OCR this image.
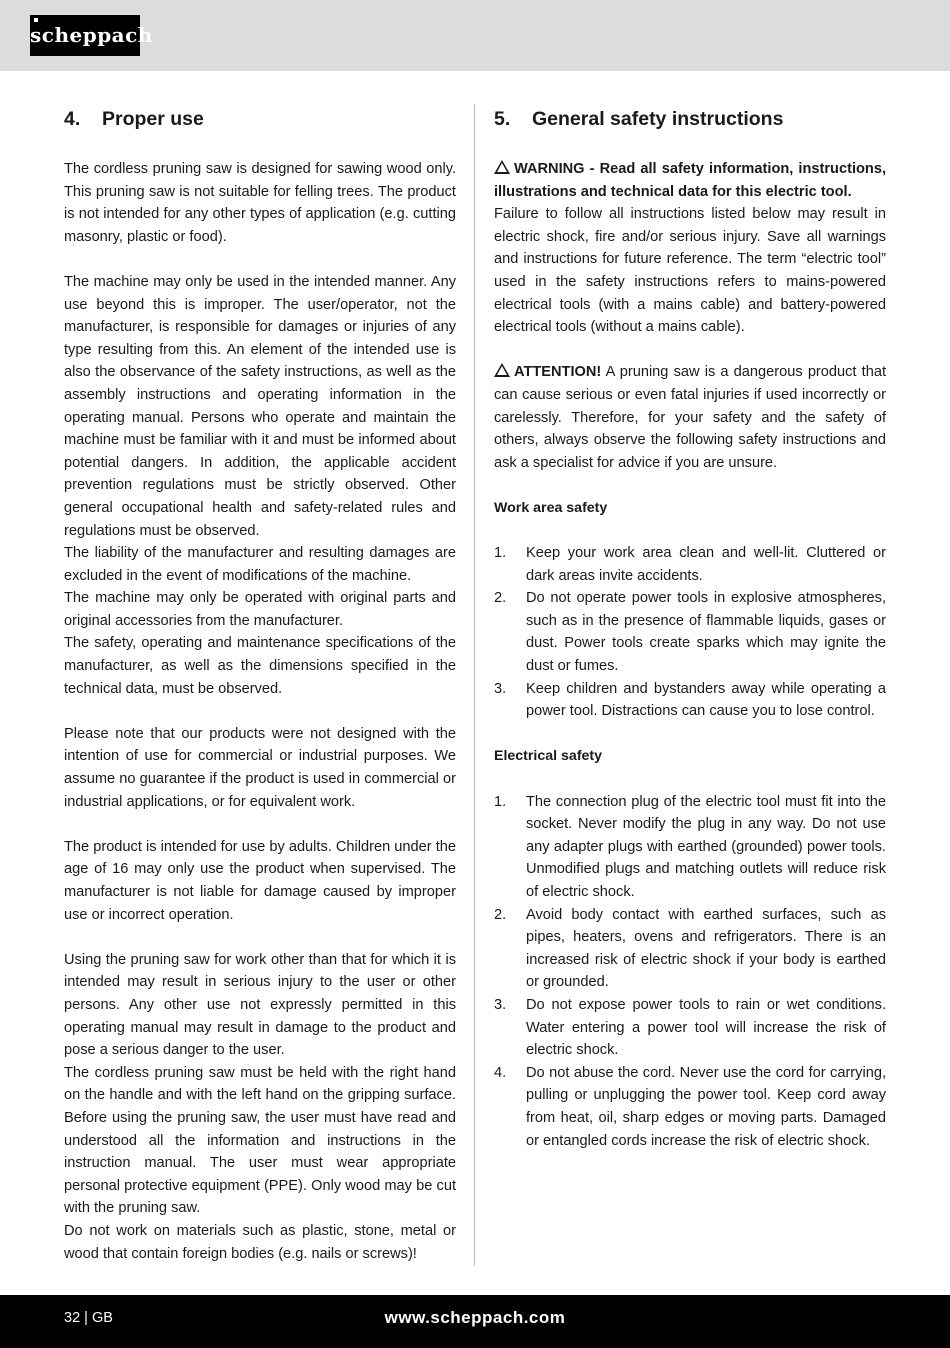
scheppach
4. Proper use

The cordless pruning saw is designed for sawing wood only. This pruning saw is not suitable for felling trees. The product is not intended for any other types of application (e.g. cutting masonry, plastic or food).

The machine may only be used in the intended manner. Any use beyond this is improper. The user/operator, not the manufacturer, is responsible for damages or injuries of any type resulting from this. An element of the intended use is also the observance of the safety instructions, as well as the assembly instructions and operating information in the operating manual. Persons who operate and maintain the machine must be familiar with it and must be informed about potential dangers. In addition, the applicable accident prevention regulations must be strictly observed. Other general occupational health and safety-related rules and regulations must be observed.

The liability of the manufacturer and resulting damages are excluded in the event of modifications of the machine.

The machine may only be operated with original parts and original accessories from the manufacturer.

The safety, operating and maintenance specifications of the manufacturer, as well as the dimensions specified in the technical data, must be observed.

Please note that our products were not designed with the intention of use for commercial or industrial purposes. We assume no guarantee if the product is used in commercial or industrial applications, or for equivalent work.

The product is intended for use by adults. Children under the age of 16 may only use the product when supervised. The manufacturer is not liable for damage caused by improper use or incorrect operation.

Using the pruning saw for work other than that for which it is intended may result in serious injury to the user or other persons. Any other use not expressly permitted in this operating manual may result in damage to the product and pose a serious danger to the user.

The cordless pruning saw must be held with the right hand on the handle and with the left hand on the gripping surface. Before using the pruning saw, the user must have read and understood all the information and instructions in the instruction manual. The user must wear appropriate personal protective equipment (PPE). Only wood may be cut with the pruning saw.

Do not work on materials such as plastic, stone, metal or wood that contain foreign bodies (e.g. nails or screws)!

5. General safety instructions

WARNING - Read all safety information, instructions, illustrations and technical data for this electric tool.

Failure to follow all instructions listed below may result in electric shock, fire and/or serious injury. Save all warnings and instructions for future reference. The term “electric tool” used in the safety instructions refers to mains-powered electrical tools (with a mains cable) and battery-powered electrical tools (without a mains cable).

ATTENTION! A pruning saw is a dangerous product that can cause serious or even fatal injuries if used incorrectly or carelessly. Therefore, for your safety and the safety of others, always observe the following safety instructions and ask a specialist for advice if you are unsure.

Work area safety

1. Keep your work area clean and well-lit. Cluttered or dark areas invite accidents.
2. Do not operate power tools in explosive atmospheres, such as in the presence of flammable liquids, gases or dust. Power tools create sparks which may ignite the dust or fumes.
3. Keep children and bystanders away while operating a power tool. Distractions can cause you to lose control.

Electrical safety

1. The connection plug of the electric tool must fit into the socket. Never modify the plug in any way. Do not use any adapter plugs with earthed (grounded) power tools. Unmodified plugs and matching outlets will reduce risk of electric shock.
2. Avoid body contact with earthed surfaces, such as pipes, heaters, ovens and refrigerators. There is an increased risk of electric shock if your body is earthed or grounded.
3. Do not expose power tools to rain or wet conditions. Water entering a power tool will increase the risk of electric shock.
4. Do not abuse the cord. Never use the cord for carrying, pulling or unplugging the power tool. Keep cord away from heat, oil, sharp edges or moving parts. Damaged or entangled cords increase the risk of electric shock.
32 | GB	www.scheppach.com
